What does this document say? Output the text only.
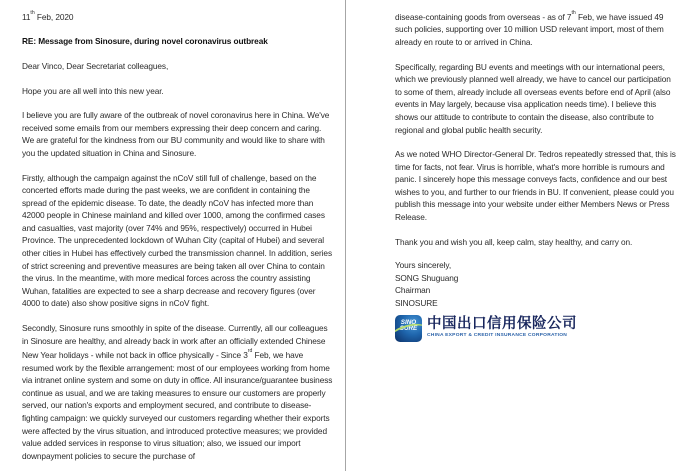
11th Feb, 2020

RE: Message from Sinosure, during novel coronavirus outbreak

Dear Vinco, Dear Secretariat colleagues,

Hope you are all well into this new year.

I believe you are fully aware of the outbreak of novel coronavirus here in China. We've received some emails from our members expressing their deep concern and caring. We are grateful for the kindness from our BU community and would like to share with you the updated situation in China and Sinosure.

Firstly, although the campaign against the nCoV still full of challenge, based on the concerted efforts made during the past weeks, we are confident in containing the spread of the epidemic disease. To date, the deadly nCoV has infected more than 42000 people in Chinese mainland and killed over 1000, among the confirmed cases and casualties, vast majority (over 74% and 95%, respectively) occurred in Hubei Province. The unprecedented lockdown of Wuhan City (capital of Hubei) and several other cities in Hubei has effectively curbed the transmission channel. In addition, series of strict screening and preventive measures are being taken all over China to contain the virus. In the meantime, with more medical forces across the country assisting Wuhan, fatalities are expected to see a sharp decrease and recovery figures (over 4000 to date) also show positive signs in nCoV fight.

Secondly, Sinosure runs smoothly in spite of the disease. Currently, all our colleagues in Sinosure are healthy, and already back in work after an officially extended Chinese New Year holidays - while not back in office physically - Since 3rd Feb, we have resumed work by the flexible arrangement: most of our employees working from home via intranet online system and some on duty in office. All insurance/guarantee business continue as usual, and we are taking measures to ensure our customers are properly served, our nation's exports and employment secured, and contribute to disease-fighting campaign: we quickly surveyed our customers regarding whether their exports were affected by the virus situation, and introduced protective measures; we provided value added services in response to virus situation; also, we issued our import downpayment policies to secure the purchase of

disease-containing goods from overseas - as of 7th Feb, we have issued 49 such policies, supporting over 10 million USD relevant import, most of them already en route to or arrived in China.

Specifically, regarding BU events and meetings with our international peers, which we previously planned well already, we have to cancel our participation to some of them, already include all overseas events before end of April (also events in May largely, because visa application needs time). I believe this shows our attitude to contribute to contain the disease, also contribute to regional and global public health security.

As we noted WHO Director-General Dr. Tedros repeatedly stressed that, this is time for facts, not fear. Virus is horrible, what's more horrible is rumours and panic. I sincerely hope this message conveys facts, confidence and our best wishes to you, and further to our friends in BU. If convenient, please could you publish this message into your website under either Members News or Press Release.

Thank you and wish you all, keep calm, stay healthy, and carry on.

Yours sincerely,

SONG Shuguang

Chairman

SINOSURE

SINO
SURE 中国出口信用保险公司
CHINA EXPORT & CREDIT INSURANCE CORPORATION
